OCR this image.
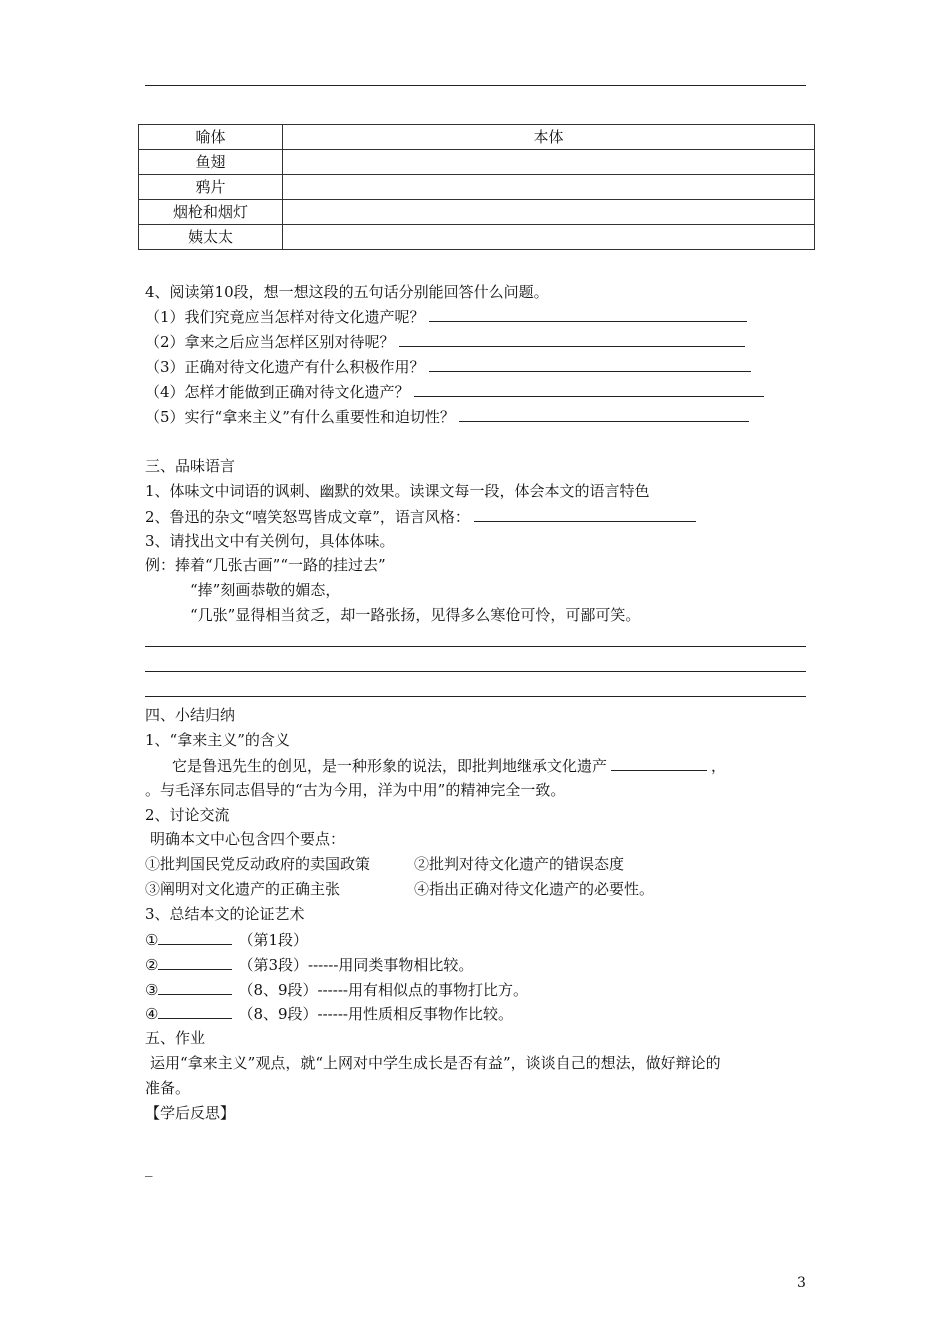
喻体	本体
鱼翅	
鸦片	
烟枪和烟灯	
姨太太	
4、阅读第10段，想一想这段的五句话分别能回答什么问题。
（1）我们究竟应当怎样对待文化遗产呢？
（2）拿来之后应当怎样区别对待呢？
（3）正确对待文化遗产有什么积极作用？
（4）怎样才能做到正确对待文化遗产？
（5）实行“拿来主义”有什么重要性和迫切性？
三、品味语言
1、体味文中词语的讽刺、幽默的效果。读课文每一段，体会本文的语言特色
2、鲁迅的杂文“嘻笑怒骂皆成文章”，语言风格：
3、请找出文中有关例句，具体体味。
例：捧着“几张古画”“一路的挂过去”
“捧”刻画恭敬的媚态，
“几张”显得相当贫乏，却一路张扬，见得多么寒伧可怜，可鄙可笑。
四、小结归纳
1、“拿来主义”的含义
它是鲁迅先生的创见，是一种形象的说法，即批判地继承文化遗产	，
。与毛泽东同志倡导的“古为今用，洋为中用”的精神完全一致。
2、讨论交流
明确本文中心包含四个要点：
①批判国民党反动政府的卖国政策	②批判对待文化遗产的错误态度
③阐明对文化遗产的正确主张	④指出正确对待文化遗产的必要性。
3、总结本文的论证艺术
①	（第1段）
②	（第3段）------用同类事物相比较。
③	（8、9段）------用有相似点的事物打比方。
④	（8、9段）------用性质相反事物作比较。
五、作业
运用“拿来主义”观点，就“上网对中学生成长是否有益”，谈谈自己的想法，做好辩论的
准备。
【学后反思】
_
3
